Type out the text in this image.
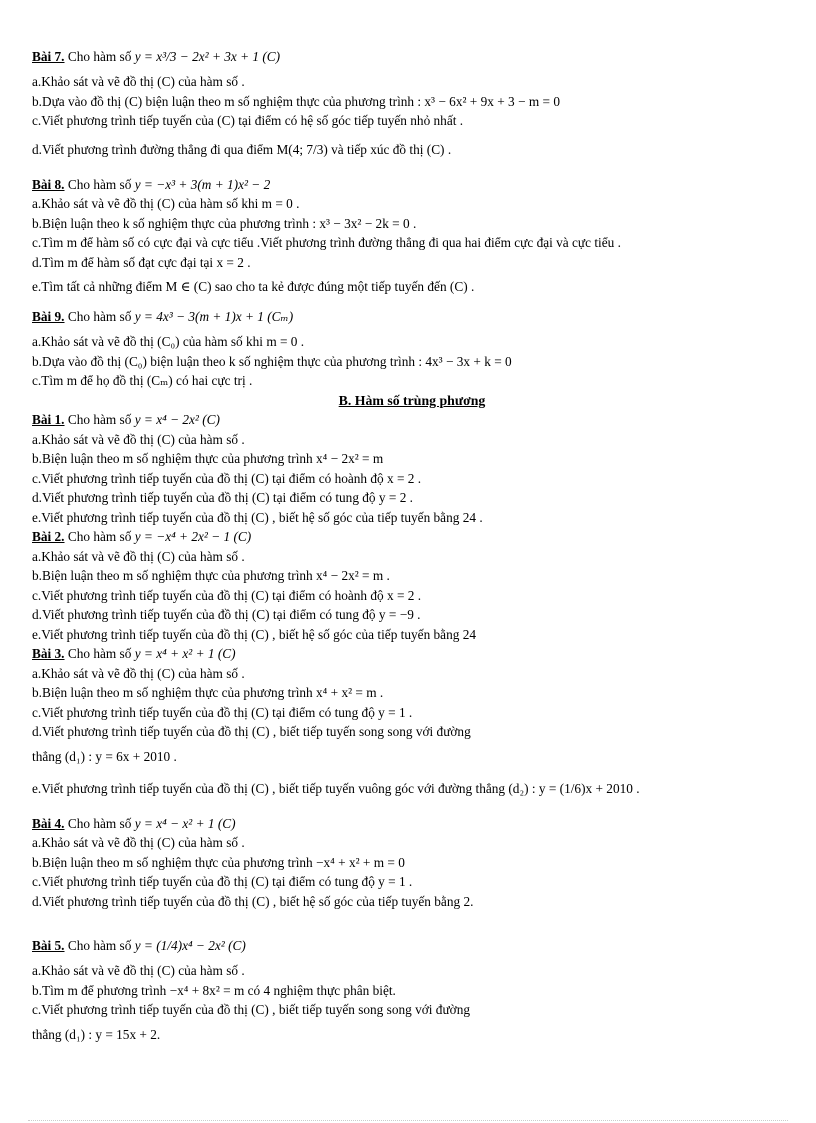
Bài 7. Cho hàm số y = x³/3 − 2x² + 3x + 1 (C)
a.Khảo sát và vẽ đồ thị (C) của hàm số .
b.Dựa vào đồ thị (C) biện luận theo m số nghiệm thực của phương trình : x³ − 6x² + 9x + 3 − m = 0
c.Viết phương trình tiếp tuyến của (C) tại điểm có hệ số góc tiếp tuyến nhỏ nhất .
d.Viết phương trình đường thẳng đi qua điểm M(4; 7/3) và tiếp xúc đồ thị (C) .
Bài 8. Cho hàm số y = −x³ + 3(m + 1)x² − 2
a.Khảo sát và vẽ đồ thị (C) của hàm số khi m = 0 .
b.Biện luận theo k số nghiệm thực của phương trình : x³ − 3x² − 2k = 0 .
c.Tìm m để hàm số có cực đại và cực tiểu .Viết phương trình đường thẳng đi qua hai điểm cực đại và cực tiểu .
d.Tìm m để hàm số đạt cực đại tại x = 2 .
e.Tìm tất cả những điểm M ∈ (C) sao cho ta kẻ được đúng một tiếp tuyến đến (C) .
Bài 9. Cho hàm số y = 4x³ − 3(m + 1)x + 1 (Cₘ)
a.Khảo sát và vẽ đồ thị (C₀) của hàm số khi m = 0 .
b.Dựa vào đồ thị (C₀) biện luận theo k số nghiệm thực của phương trình : 4x³ − 3x + k = 0
c.Tìm m để họ đồ thị (Cₘ) có hai cực trị .
B. Hàm số trùng phương
Bài 1. Cho hàm số y = x⁴ − 2x² (C)
a.Khảo sát và vẽ đồ thị (C) của hàm số .
b.Biện luận theo m số nghiệm thực của phương trình x⁴ − 2x² = m
c.Viết phương trình tiếp tuyến của đồ thị (C) tại điểm có hoành độ x = 2 .
d.Viết phương trình tiếp tuyến của đồ thị (C) tại điểm có tung độ y = 2 .
e.Viết phương trình tiếp tuyến của đồ thị (C) , biết hệ số góc của tiếp tuyến bằng 24 .
Bài 2. Cho hàm số y = −x⁴ + 2x² − 1 (C)
a.Khảo sát và vẽ đồ thị (C) của hàm số .
b.Biện luận theo m số nghiệm thực của phương trình x⁴ − 2x² = m .
c.Viết phương trình tiếp tuyến của đồ thị (C) tại điểm có hoành độ x = 2 .
d.Viết phương trình tiếp tuyến của đồ thị (C) tại điểm có tung độ y = −9 .
e.Viết phương trình tiếp tuyến của đồ thị (C) , biết hệ số góc của tiếp tuyến bằng 24
Bài 3. Cho hàm số y = x⁴ + x² + 1 (C)
a.Khảo sát và vẽ đồ thị (C) của hàm số .
b.Biện luận theo m số nghiệm thực của phương trình x⁴ + x² = m .
c.Viết phương trình tiếp tuyến của đồ thị (C) tại điểm có tung độ y = 1 .
d.Viết phương trình tiếp tuyến của đồ thị (C) , biết tiếp tuyến song song với đường
thẳng (d₁) : y = 6x + 2010 .
e.Viết phương trình tiếp tuyến của đồ thị (C) , biết tiếp tuyến vuông góc với đường thẳng (d₂) : y = (1/6)x + 2010 .
Bài 4. Cho hàm số y = x⁴ − x² + 1 (C)
a.Khảo sát và vẽ đồ thị (C) của hàm số .
b.Biện luận theo m số nghiệm thực của phương trình −x⁴ + x² + m = 0
c.Viết phương trình tiếp tuyến của đồ thị (C) tại điểm có tung độ y = 1 .
d.Viết phương trình tiếp tuyến của đồ thị (C) , biết hệ số góc của tiếp tuyến bằng 2.
Bài 5. Cho hàm số y = (1/4)x⁴ − 2x² (C)
a.Khảo sát và vẽ đồ thị (C) của hàm số .
b.Tìm m để phương trình −x⁴ + 8x² = m có 4 nghiệm thực phân biệt.
c.Viết phương trình tiếp tuyến của đồ thị (C) , biết tiếp tuyến song song với đường
thẳng (d₁) : y = 15x + 2.
